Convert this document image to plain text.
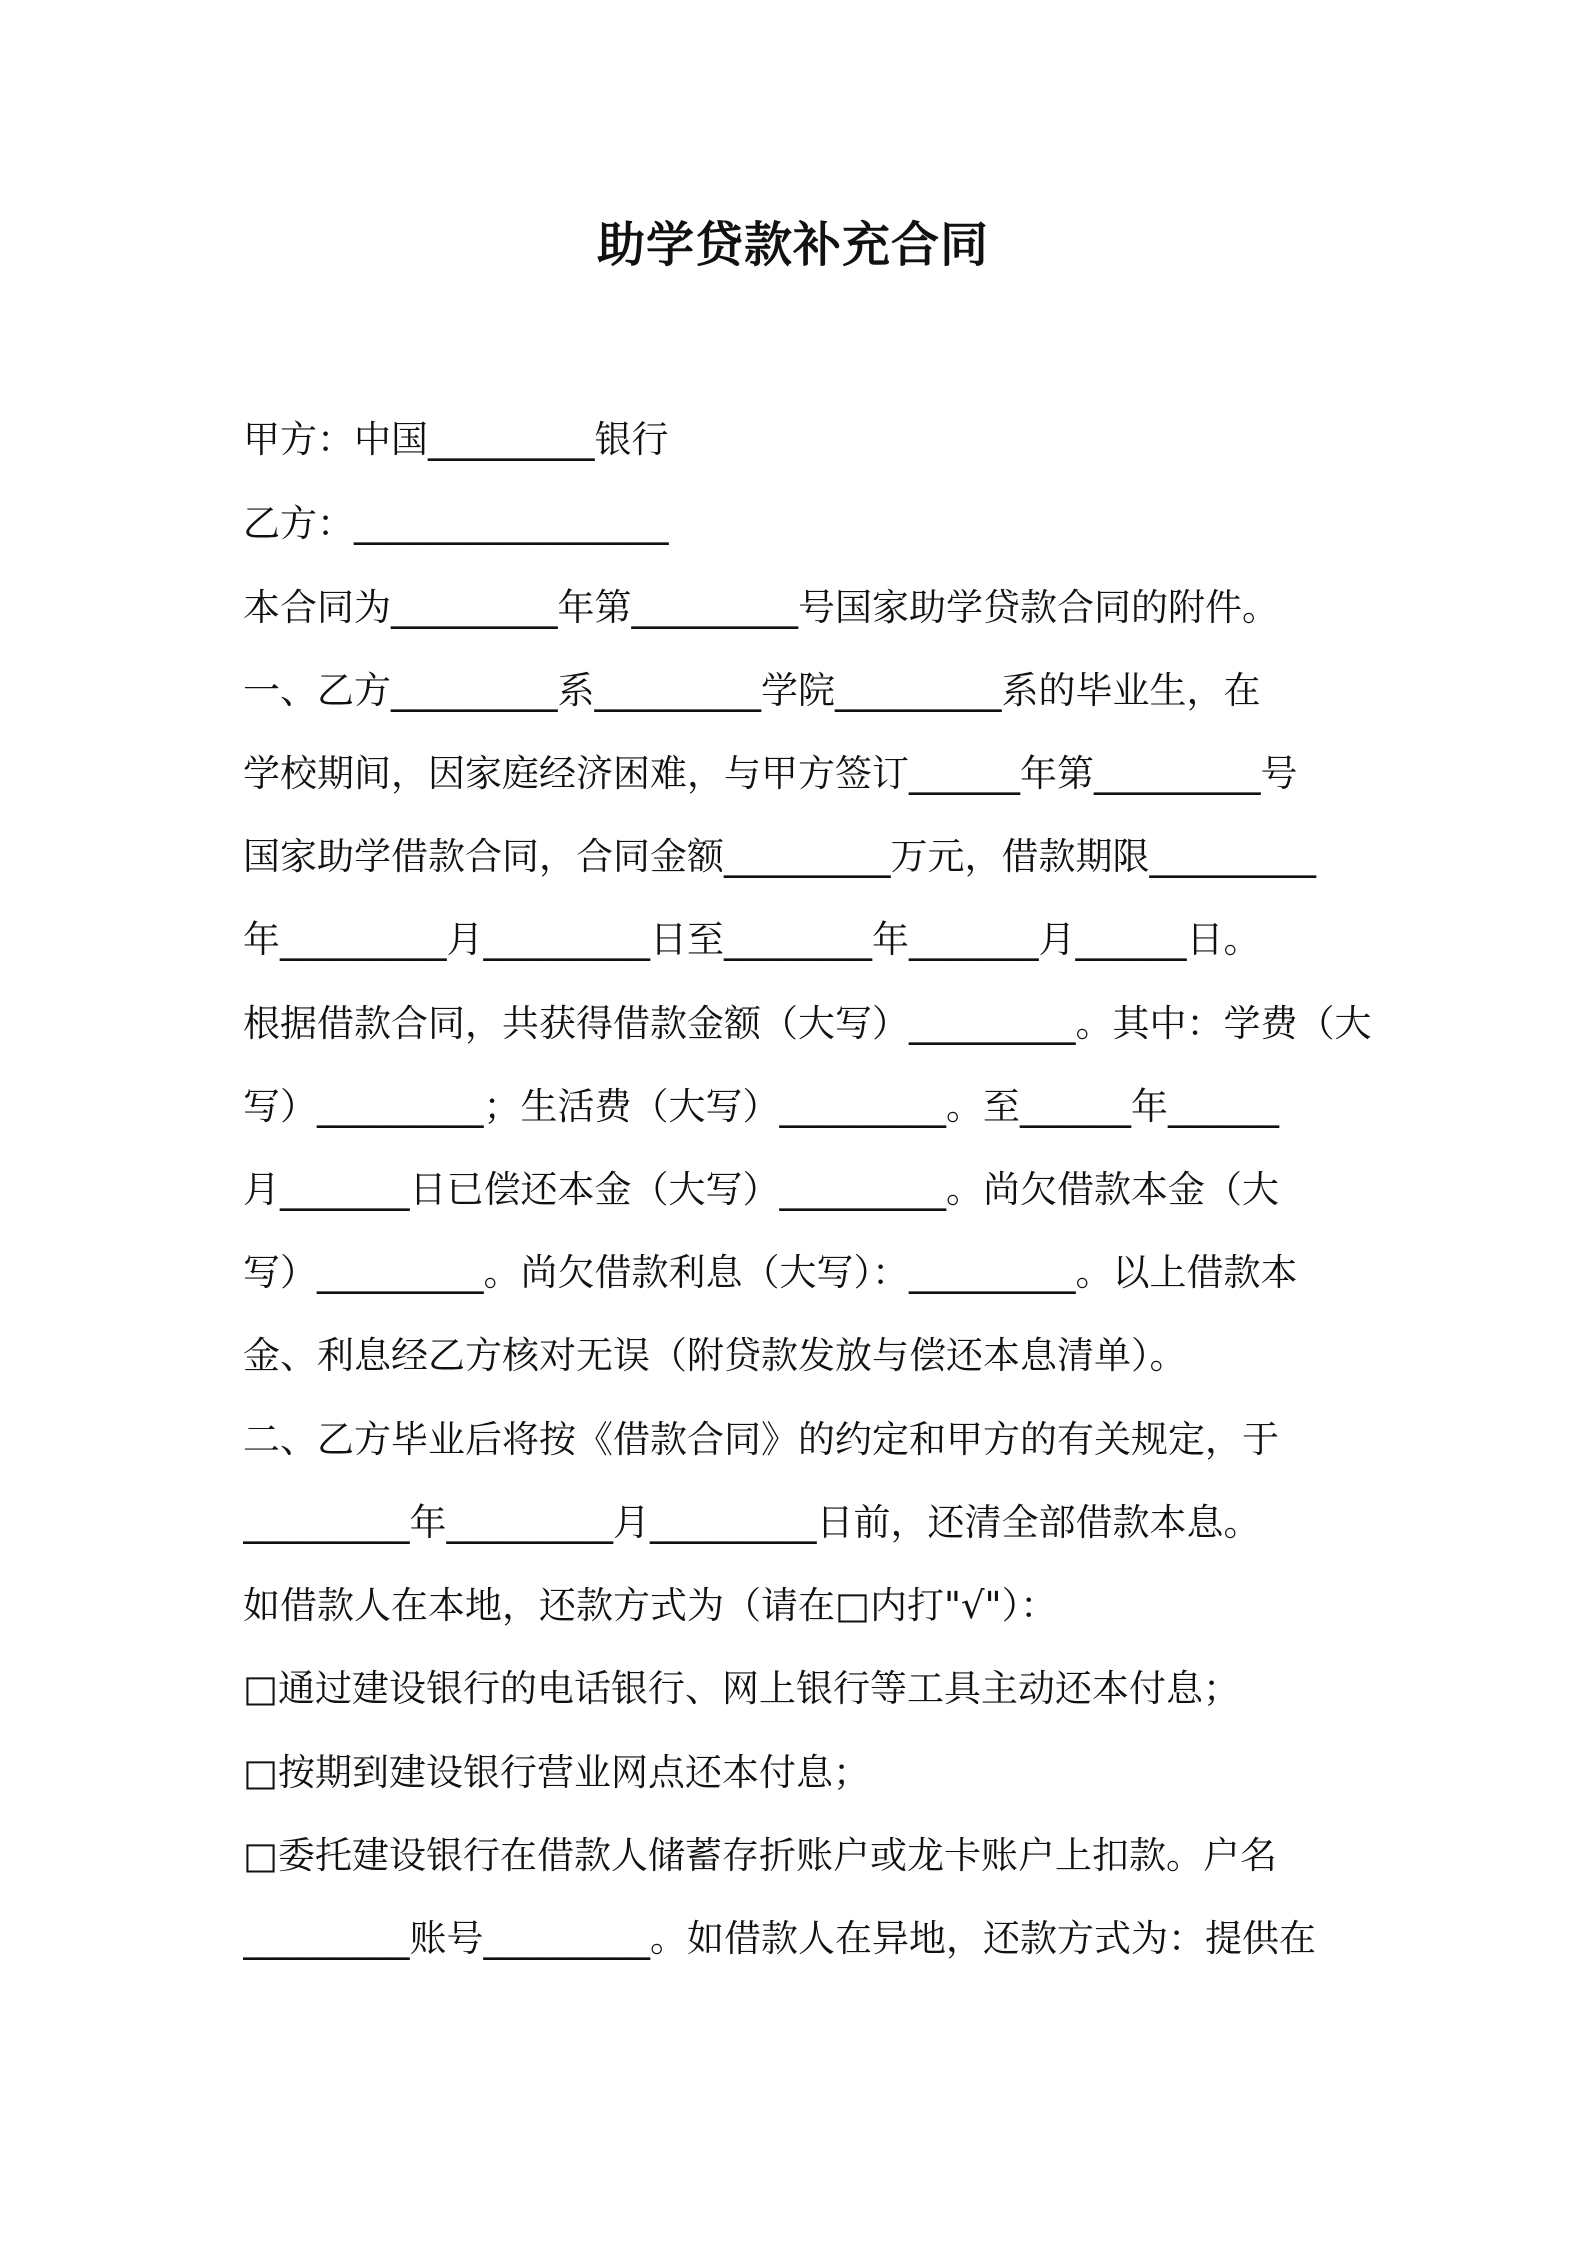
助学贷款补充合同
甲方：中国_________银行
乙方：_________________
本合同为_________年第_________号国家助学贷款合同的附件。
一、乙方_________系_________学院_________系的毕业生，在
学校期间，因家庭经济困难，与甲方签订______年第_________号
国家助学借款合同，合同金额_________万元，借款期限_________
年_________月_________日至________年_______月______日。
根据借款合同，共获得借款金额（大写）_________。其中：学费（大
写）_________；生活费（大写）_________。至______年______
月_______日已偿还本金（大写）_________。尚欠借款本金（大
写）_________。尚欠借款利息（大写）：_________。以上借款本
金、利息经乙方核对无误（附贷款发放与偿还本息清单）。
二、乙方毕业后将按《借款合同》的约定和甲方的有关规定，于
_________年_________月_________日前，还清全部借款本息。
如借款人在本地，还款方式为（请在□内打"√"）：
□通过建设银行的电话银行、网上银行等工具主动还本付息；
□按期到建设银行营业网点还本付息；
□委托建设银行在借款人储蓄存折账户或龙卡账户上扣款。户名
_________账号_________。如借款人在异地，还款方式为：提供在
